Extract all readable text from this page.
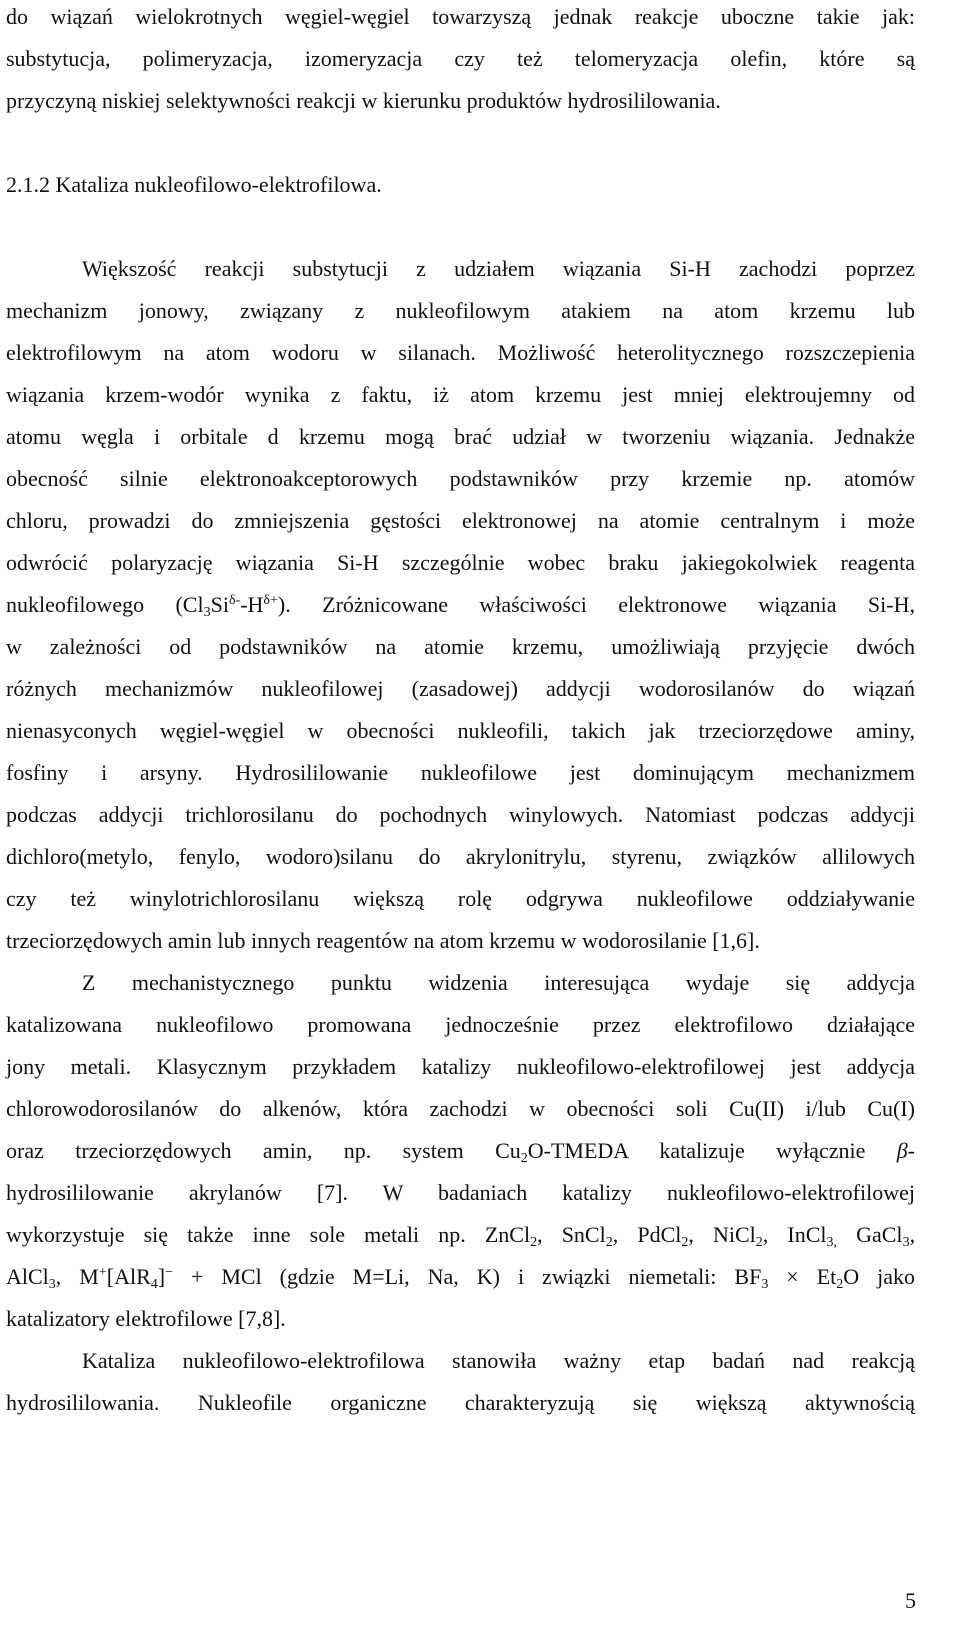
do wiązań wielokrotnych węgiel-węgiel towarzyszą jednak reakcje uboczne takie jak:
substytucja, polimeryzacja, izomeryzacja czy też telomeryzacja olefin, które są
przyczyną niskiej selektywności reakcji w kierunku produktów hydrosililowania.
2.1.2 Kataliza nukleofilowo-elektrofilowa.
Większość reakcji substytucji z udziałem wiązania Si-H zachodzi poprzez
mechanizm jonowy, związany z nukleofilowym atakiem na atom krzemu lub
elektrofilowym na atom wodoru w silanach. Możliwość heterolitycznego rozszczepienia
wiązania krzem-wodór wynika z faktu, iż atom krzemu jest mniej elektroujemny od
atomu węgla i orbitale d krzemu mogą brać udział w tworzeniu wiązania. Jednakże
obecność silnie elektronoakceptorowych podstawników przy krzemie np. atomów
chloru, prowadzi do zmniejszenia gęstości elektronowej na atomie centralnym i może
odwrócić polaryzację wiązania Si-H szczególnie wobec braku jakiegokolwiek reagenta
nukleofilowego $(Cl_3Si^{\delta-}-H^{\delta+})$. Zróżnicowane właściwości elektronowe wiązania Si-H,
w zależności od podstawników na atomie krzemu, umożliwiają przyjęcie dwóch
różnych mechanizmów nukleofilowej (zasadowej) addycji wodorosilanów do wiązań
nienasyconych węgiel-węgiel w obecności nukleofili, takich jak trzeciorzędowe aminy,
fosfiny i arsyny. Hydrosililowanie nukleofilowe jest dominującym mechanizmem
podczas addycji trichlorosilanu do pochodnych winylowych. Natomiast podczas addycji
dichloro(metylo, fenylo, wodoro)silanu do akrylonitrylu, styrenu, związków allilowych
czy też winylotrichlorosilanu większą rolę odgrywa nukleofilowe oddziaływanie
trzeciorzędowych amin lub innych reagentów na atom krzemu w wodorosilanie [1,6].
Z mechanistycznego punktu widzenia interesująca wydaje się addycja
katalizowana nukleofilowo promowana jednocześnie przez elektrofilowo działające
jony metali. Klasycznym przykładem katalizy nukleofilowo-elektrofilowej jest addycja
chlorowodorosilanów do alkenów, która zachodzi w obecności soli Cu(II) i/lub Cu(I)
oraz trzeciorzędowych amin, np. system $Cu_2O$-TMEDA katalizuje wyłącznie β-
hydrosililowanie akrylanów [7]. W badaniach katalizy nukleofilowo-elektrofilowej
wykorzystuje się także inne sole metali np. ZnCl$_2$, SnCl$_2$, PdCl$_2$, NiCl$_2$, InCl$_{3,}$ GaCl$_3$,
AlCl$_3$, M+[AlR$_4$]− + MCl (gdzie M=Li, Na, K) i związki niemetali: $BF_3 \times Et_2O$ jako
katalizatory elektrofilowe [7,8].
Kataliza nukleofilowo-elektrofilowa stanowiła ważny etap badań nad reakcją
hydrosililowania. Nukleofile organiczne charakteryzują się większą aktywnością
5
